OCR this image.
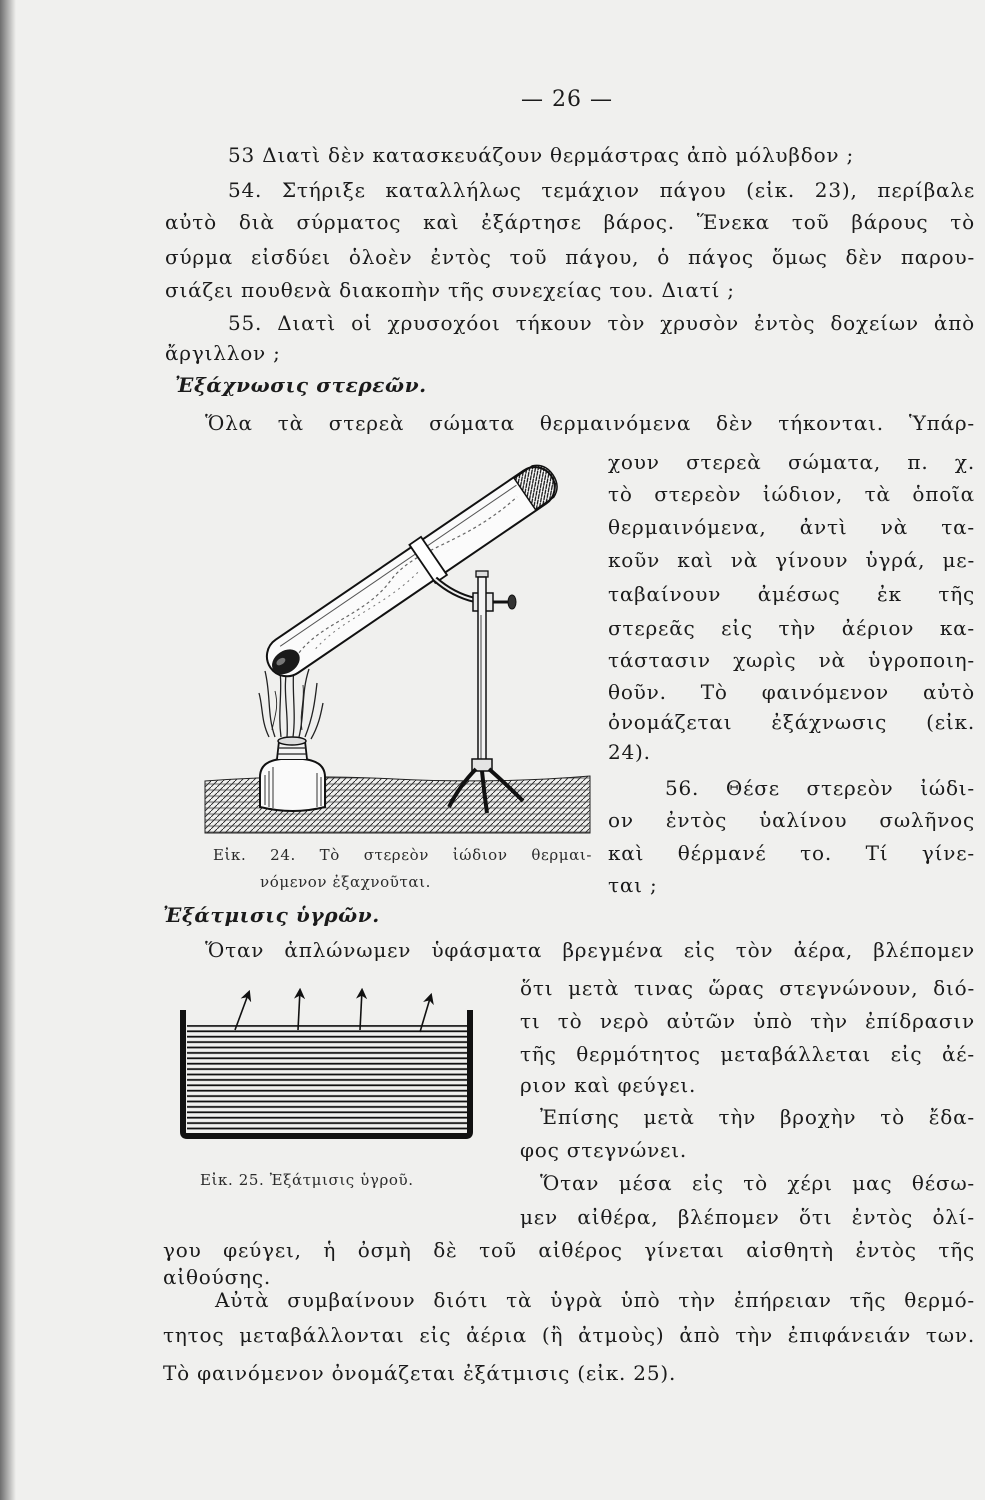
— 26 —
53 Διατὶ δὲν κατασκευάζουν θερμάστρας ἀπὸ μόλυβδον ;
54. Στήριξε καταλλήλως τεμάχιον πάγου (εἰκ. 23), περίβαλε
αὐτὸ διὰ σύρματος καὶ ἐξάρτησε βάρος. Ἕνεκα τοῦ βάρους τὸ
σύρμα εἰσδύει ὁλοὲν ἐντὸς τοῦ πάγου, ὁ πάγος ὅμως δὲν παρου-
σιάζει πουθενὰ διακοπὴν τῆς συνεχείας του. Διατί ;
55. Διατὶ οἱ χρυσοχόοι τήκουν τὸν χρυσὸν ἐντὸς δοχείων ἀπὸ
ἄργιλλον ;
Ἐξάχνωσις στερεῶν.
Ὅλα τὰ στερεὰ σώματα θερμαινόμενα δὲν τήκονται. Ὑπάρ-
χουν στερεὰ σώματα, π. χ.
τὸ στερεὸν ἰώδιον, τὰ ὁποῖα
θερμαινόμενα, ἀντὶ νὰ τα-
κοῦν καὶ νὰ γίνουν ὑγρά, με-
ταβαίνουν ἀμέσως ἐκ τῆς
στερεᾶς εἰς τὴν ἀέριον κα-
τάστασιν χωρὶς νὰ ὑγροποιη-
θοῦν. Τὸ φαινόμενον αὐτὸ
ὀνομάζεται ἐξάχνωσις (εἰκ.
24).
56. Θέσε στερεὸν ἰώδι-
ον ἐντὸς ὑαλίνου σωλῆνος
καὶ θέρμανέ το. Τί γίνε-
ται ;
Εἰκ. 24. Τὸ στερεὸν ἰώδιον θερμαι-
νόμενον ἐξαχνοῦται.
Ἐξάτμισις ὑγρῶν.
Ὅταν ἁπλώνωμεν ὑφάσματα βρεγμένα εἰς τὸν ἀέρα, βλέπομεν
ὅτι μετὰ τινας ὥρας στεγνώνουν, διό-
τι τὸ νερὸ αὐτῶν ὑπὸ τὴν ἐπίδρασιν
τῆς θερμότητος μεταβάλλεται εἰς ἀέ-
ριον καὶ φεύγει.
Ἐπίσης μετὰ τὴν βροχὴν τὸ ἔδα-
φος στεγνώνει.
Ὅταν μέσα εἰς τὸ χέρι μας θέσω-
μεν αἰθέρα, βλέπομεν ὅτι ἐντὸς ὀλί-
γου φεύγει, ἡ ὀσμὴ δὲ τοῦ αἰθέρος γίνεται αἰσθητὴ ἐντὸς τῆς
αἰθούσης.
Αὐτὰ συμβαίνουν διότι τὰ ὑγρὰ ὑπὸ τὴν ἐπήρειαν τῆς θερμό-
τητος μεταβάλλονται εἰς ἀέρια (ἢ ἀτμοὺς) ἀπὸ τὴν ἐπιφάνειάν των.
Τὸ φαινόμενον ὀνομάζεται ἐξάτμισις (εἰκ. 25).
Εἰκ. 25. Ἐξάτμισις ὑγροῦ.
